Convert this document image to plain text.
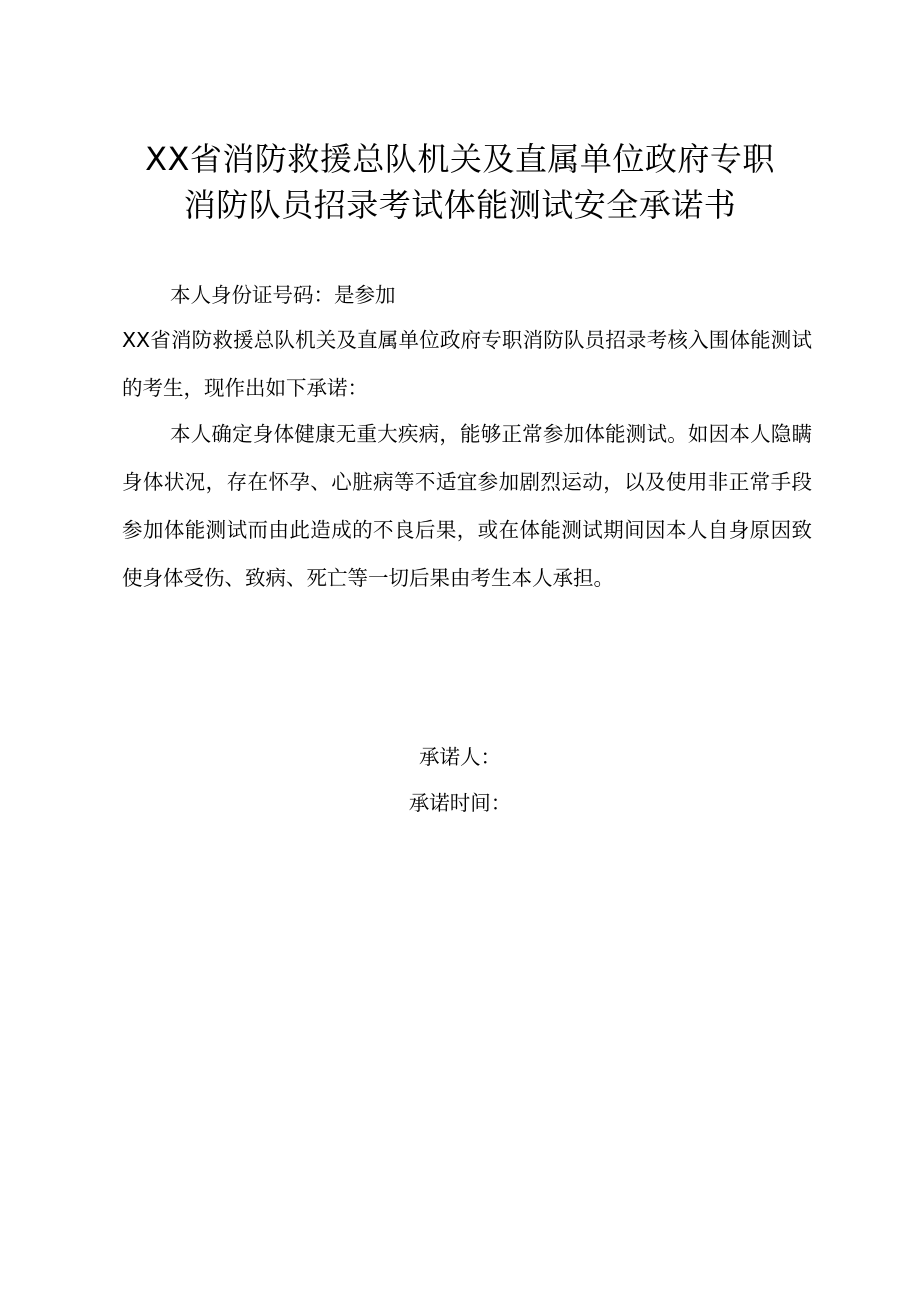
XX省消防救援总队机关及直属单位政府专职
消防队员招录考试体能测试安全承诺书
本人身份证号码：是参加
XX省消防救援总队机关及直属单位政府专职消防队员招录考核入围体能测试的考生，现作出如下承诺：
本人确定身体健康无重大疾病，能够正常参加体能测试。如因本人隐瞒身体状况，存在怀孕、心脏病等不适宜参加剧烈运动，以及使用非正常手段参加体能测试而由此造成的不良后果，或在体能测试期间因本人自身原因致使身体受伤、致病、死亡等一切后果由考生本人承担。
承诺人：
承诺时间：
